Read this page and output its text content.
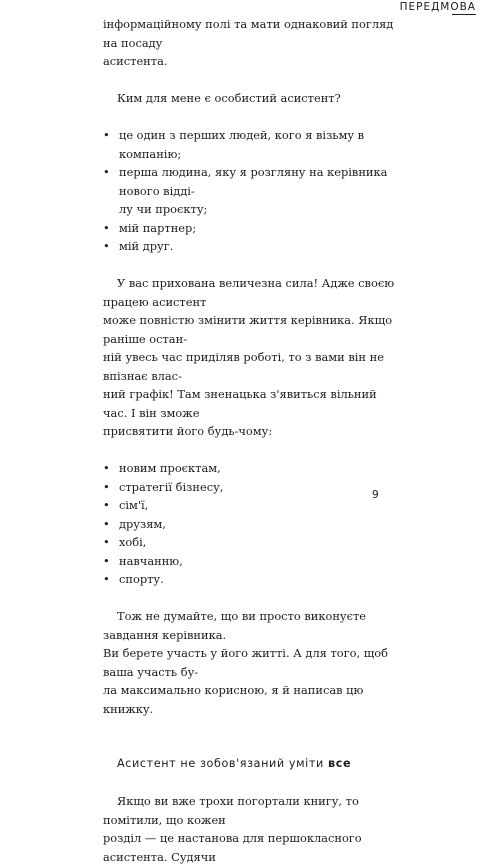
ПЕРЕДМОВА

інформаційному полі та мати однаковий погляд на посаду

асистента.

Ким для мене є особистий асистент?

• це один з перших людей, кого я візьму в компанію;
• перша людина, яку я розгляну на керівника нового відді-
лу чи проєкту;
• мій партнер;
• мій друг.

У вас прихована величезна сила! Адже своєю працею асистент

може повністю змінити життя керівника. Якщо раніше остан-

ній увесь час приділяв роботі, то з вами він не впізнає влас-

ний графік! Там зненацька з'явиться вільний час. І він зможе

присвятити його будь-чому:

• новим проєктам,
• стратегії бізнесу,
• сім'ї,
• друзям,
• хобі,
• навчанню,
• спорту.

Тож не думайте, що ви просто виконуєте завдання керівника.

Ви берете участь у його житті. А для того, щоб ваша участь бу-

ла максимально корисною, я й написав цю книжку.

Асистент не зобов'язаний уміти все

Якщо ви вже трохи погортали книгу, то помітили, що кожен

розділ — це настанова для першокласного асистента. Судячи

9
